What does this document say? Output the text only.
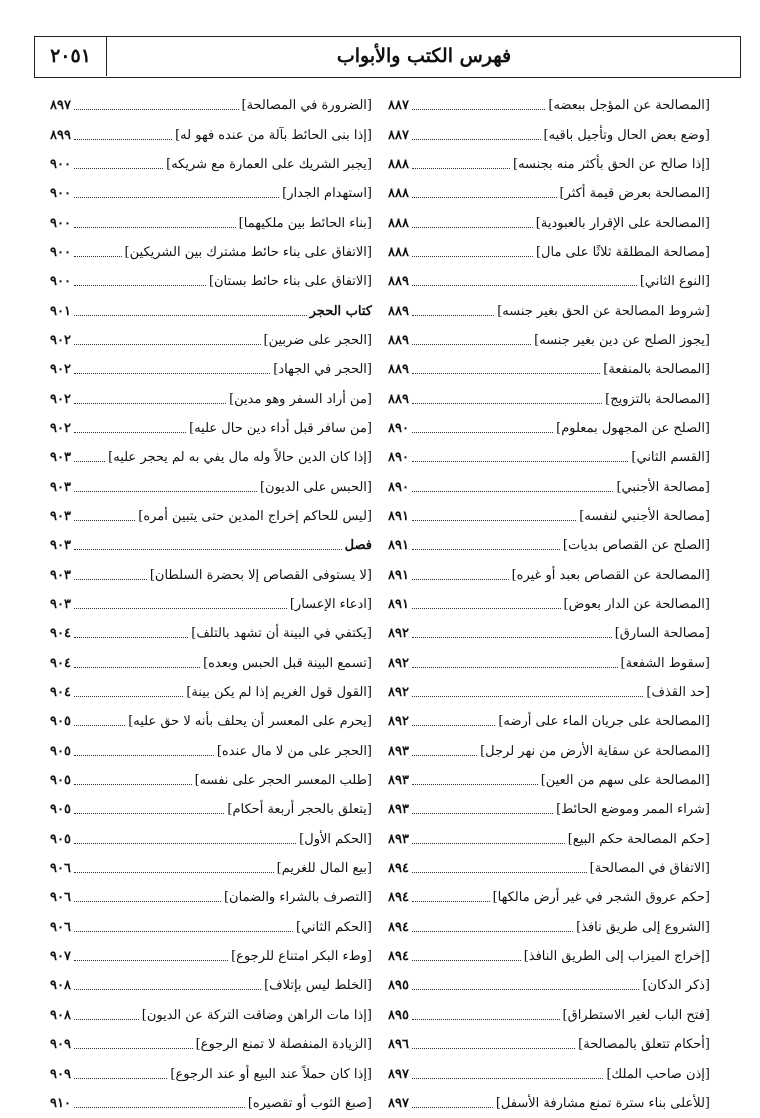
فهرس الكتب والأبواب
٢٠٥١
[المصالحة عن المؤجل ببعضه]
٨٨٧
[وضع بعض الحال وتأجيل باقيه]
٨٨٧
[إذا صالح عن الحق بأكثر منه بجنسه]
٨٨٨
[المصالحة بعرض قيمة أكثر]
٨٨٨
[المصالحة على الإقرار بالعبودية]
٨٨٨
[مصالحة المطلقة ثلاثًا على مال]
٨٨٨
[النوع الثاني]
٨٨٩
[شروط المصالحة عن الحق بغير جنسه]
٨٨٩
[يجوز الصلح عن دين بغير جنسه]
٨٨٩
[المصالحة بالمنفعة]
٨٨٩
[المصالحة بالتزويج]
٨٨٩
[الصلح عن المجهول بمعلوم]
٨٩٠
[القسم الثاني]
٨٩٠
[مصالحة الأجنبي]
٨٩٠
[مصالحة الأجنبي لنفسه]
٨٩١
[الصلح عن القصاص بديات]
٨٩١
[المصالحة عن القصاص بعبد أو غيره]
٨٩١
[المصالحة عن الدار بعوض]
٨٩١
[مصالحة السارق]
٨٩٢
[سقوط الشفعة]
٨٩٢
[حد القذف]
٨٩٢
[المصالحة على جريان الماء على أرضه]
٨٩٢
[المصالحة عن سقاية الأرض من نهر لرجل]
٨٩٣
[المصالحة على سهم من العين]
٨٩٣
[شراء الممر وموضع الحائط]
٨٩٣
[حكم المصالحة حكم البيع]
٨٩٣
[الاتفاق في المصالحة]
٨٩٤
[حكم عروق الشجر في غير أرض مالكها]
٨٩٤
[الشروع إلى طريق نافذ]
٨٩٤
[إخراج الميزاب إلى الطريق النافذ]
٨٩٤
[ذكر الدكان]
٨٩٥
[فتح الباب لغير الاستطراق]
٨٩٥
[أحكام تتعلق بالمصالحة]
٨٩٦
[إذن صاحب الملك]
٨٩٧
[للأعلى بناء سترة تمنع مشارفة الأسفل]
٨٩٧
[الضرورة في المصالحة]
٨٩٧
[إذا بنى الحائط بآلة من عنده فهو له]
٨٩٩
[يجبر الشريك على العمارة مع شريكه]
٩٠٠
[استهدام الجدار]
٩٠٠
[بناء الحائط بين ملكيهما]
٩٠٠
[الاتفاق على بناء حائط مشترك بين الشريكين]
٩٠٠
[الاتفاق على بناء حائط بستان]
٩٠٠
كتاب الحجر
٩٠١
[الحجر على ضربين]
٩٠٢
[الحجر في الجهاد]
٩٠٢
[من أراد السفر وهو مدين]
٩٠٢
[من سافر قبل أداء دين حال عليه]
٩٠٢
[إذا كان الدين حالاً وله مال يفي به لم يحجر عليه]
٩٠٣
[الحبس على الديون]
٩٠٣
[ليس للحاكم إخراج المدين حتى يتبين أمره]
٩٠٣
فصل
٩٠٣
[لا يستوفى القصاص إلا بحضرة السلطان]
٩٠٣
[ادعاء الإعسار]
٩٠٣
[يكتفي في البينة أن تشهد بالتلف]
٩٠٤
[تسمع البينة قبل الحبس وبعده]
٩٠٤
[القول قول الغريم إذا لم يكن بينة]
٩٠٤
[يحرم على المعسر أن يحلف بأنه لا حق عليه]
٩٠٥
[الحجر على من لا مال عنده]
٩٠٥
[طلب المعسر الحجر على نفسه]
٩٠٥
[يتعلق بالحجر أربعة أحكام]
٩٠٥
[الحكم الأول]
٩٠٥
[بيع المال للغريم]
٩٠٦
[التصرف بالشراء والضمان]
٩٠٦
[الحكم الثاني]
٩٠٦
[وطء البكر امتناع للرجوع]
٩٠٧
[الخلط ليس بإتلاف]
٩٠٨
[إذا مات الراهن وضاقت التركة عن الديون]
٩٠٨
[الزيادة المنفصلة لا تمنع الرجوع]
٩٠٩
[إذا كان حملاً عند البيع أو عند الرجوع]
٩٠٩
[صبغ الثوب أو تقصيره]
٩١٠
